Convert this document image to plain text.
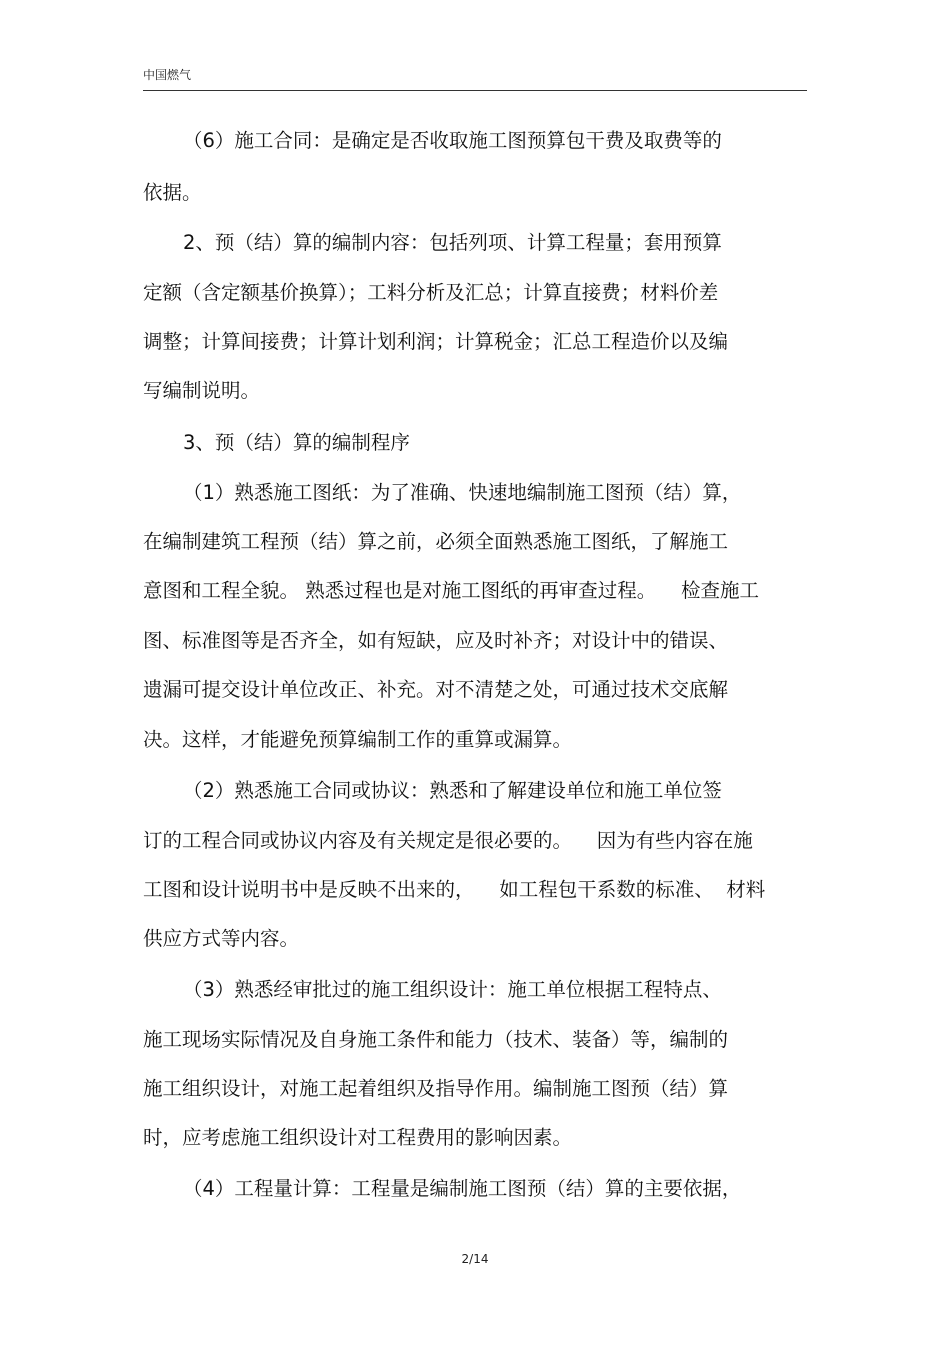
中国燃气
（6）施工合同：是确定是否收取施工图预算包干费及取费等的
依据。
2、预（结）算的编制内容：包括列项、计算工程量；套用预算
定额（含定额基价换算）；工料分析及汇总；计算直接费；材料价差
调整；计算间接费；计算计划利润；计算税金；汇总工程造价以及编
写编制说明。
3、预（结）算的编制程序
（1）熟悉施工图纸：为了准确、快速地编制施工图预（结）算，
在编制建筑工程预（结）算之前，必须全面熟悉施工图纸，了解施工
意图和工程全貌。 熟悉过程也是对施工图纸的再审查过程。    检查施工
图、标准图等是否齐全，如有短缺，应及时补齐；对设计中的错误、
遗漏可提交设计单位改正、补充。对不清楚之处，可通过技术交底解
决。这样，才能避免预算编制工作的重算或漏算。
（2）熟悉施工合同或协议：熟悉和了解建设单位和施工单位签
订的工程合同或协议内容及有关规定是很必要的。    因为有些内容在施
工图和设计说明书中是反映不出来的，    如工程包干系数的标准、  材料
供应方式等内容。
（3）熟悉经审批过的施工组织设计：施工单位根据工程特点、
施工现场实际情况及自身施工条件和能力（技术、装备）等，编制的
施工组织设计，对施工起着组织及指导作用。编制施工图预（结）算
时，应考虑施工组织设计对工程费用的影响因素。
（4）工程量计算：工程量是编制施工图预（结）算的主要依据，
2/14
